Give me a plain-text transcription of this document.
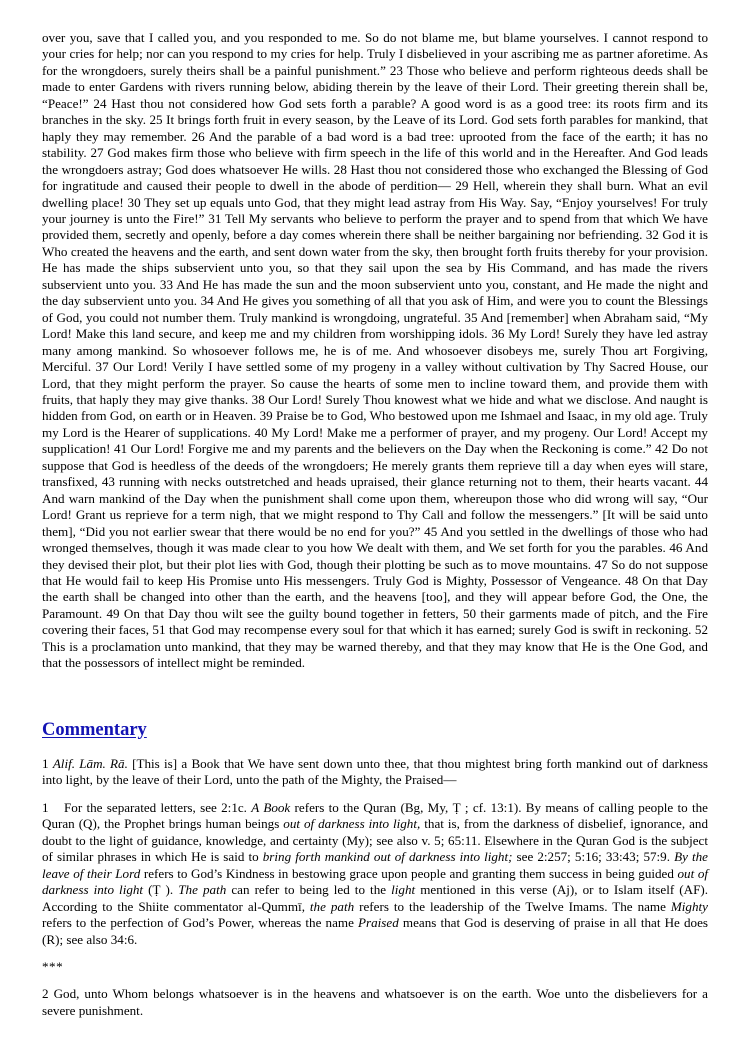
over you, save that I called you, and you responded to me. So do not blame me, but blame yourselves. I cannot respond to your cries for help; nor can you respond to my cries for help. Truly I disbelieved in your ascribing me as partner aforetime. As for the wrongdoers, surely theirs shall be a painful punishment.” 23 Those who believe and perform righteous deeds shall be made to enter Gardens with rivers running below, abiding therein by the leave of their Lord. Their greeting therein shall be, “Peace!” 24 Hast thou not considered how God sets forth a parable? A good word is as a good tree: its roots firm and its branches in the sky. 25 It brings forth fruit in every season, by the Leave of its Lord. God sets forth parables for mankind, that haply they may remember. 26 And the parable of a bad word is a bad tree: uprooted from the face of the earth; it has no stability. 27 God makes firm those who believe with firm speech in the life of this world and in the Hereafter. And God leads the wrongdoers astray; God does whatsoever He wills. 28 Hast thou not considered those who exchanged the Blessing of God for ingratitude and caused their people to dwell in the abode of perdition— 29 Hell, wherein they shall burn. What an evil dwelling place! 30 They set up equals unto God, that they might lead astray from His Way. Say, “Enjoy yourselves! For truly your journey is unto the Fire!” 31 Tell My servants who believe to perform the prayer and to spend from that which We have provided them, secretly and openly, before a day comes wherein there shall be neither bargaining nor befriending. 32 God it is Who created the heavens and the earth, and sent down water from the sky, then brought forth fruits thereby for your provision. He has made the ships subservient unto you, so that they sail upon the sea by His Command, and has made the rivers subservient unto you. 33 And He has made the sun and the moon subservient unto you, constant, and He made the night and the day subservient unto you. 34 And He gives you something of all that you ask of Him, and were you to count the Blessings of God, you could not number them. Truly mankind is wrongdoing, ungrateful. 35 And [remember] when Abraham said, “My Lord! Make this land secure, and keep me and my children from worshipping idols. 36 My Lord! Surely they have led astray many among mankind. So whosoever follows me, he is of me. And whosoever disobeys me, surely Thou art Forgiving, Merciful. 37 Our Lord! Verily I have settled some of my progeny in a valley without cultivation by Thy Sacred House, our Lord, that they might perform the prayer. So cause the hearts of some men to incline toward them, and provide them with fruits, that haply they may give thanks. 38 Our Lord! Surely Thou knowest what we hide and what we disclose. And naught is hidden from God, on earth or in Heaven. 39 Praise be to God, Who bestowed upon me Ishmael and Isaac, in my old age. Truly my Lord is the Hearer of supplications. 40 My Lord! Make me a performer of prayer, and my progeny. Our Lord! Accept my supplication! 41 Our Lord! Forgive me and my parents and the believers on the Day when the Reckoning is come.” 42 Do not suppose that God is heedless of the deeds of the wrongdoers; He merely grants them reprieve till a day when eyes will stare, transfixed, 43 running with necks outstretched and heads upraised, their glance returning not to them, their hearts vacant. 44 And warn mankind of the Day when the punishment shall come upon them, whereupon those who did wrong will say, “Our Lord! Grant us reprieve for a term nigh, that we might respond to Thy Call and follow the messengers.” [It will be said unto them], “Did you not earlier swear that there would be no end for you?” 45 And you settled in the dwellings of those who had wronged themselves, though it was made clear to you how We dealt with them, and We set forth for you the parables. 46 And they devised their plot, but their plot lies with God, though their plotting be such as to move mountains. 47 So do not suppose that He would fail to keep His Promise unto His messengers. Truly God is Mighty, Possessor of Vengeance. 48 On that Day the earth shall be changed into other than the earth, and the heavens [too], and they will appear before God, the One, the Paramount. 49 On that Day thou wilt see the guilty bound together in fetters, 50 their garments made of pitch, and the Fire covering their faces, 51 that God may recompense every soul for that which it has earned; surely God is swift in reckoning. 52 This is a proclamation unto mankind, that they may be warned thereby, and that they may know that He is the One God, and that the possessors of intellect might be reminded.

Commentary

1 Alif. Lām. Rā. [This is] a Book that We have sent down unto thee, that thou mightest bring forth mankind out of darkness into light, by the leave of their Lord, unto the path of the Mighty, the Praised—

1 For the separated letters, see 2:1c. A Book refers to the Quran (Bg, My, Ṭ ; cf. 13:1). By means of calling people to the Quran (Q), the Prophet brings human beings out of darkness into light, that is, from the darkness of disbelief, ignorance, and doubt to the light of guidance, knowledge, and certainty (My); see also v. 5; 65:11. Elsewhere in the Quran God is the subject of similar phrases in which He is said to bring forth mankind out of darkness into light; see 2:257; 5:16; 33:43; 57:9. By the leave of their Lord refers to God’s Kindness in bestowing grace upon people and granting them success in being guided out of darkness into light (Ṭ ). The path can refer to being led to the light mentioned in this verse (Aj), or to Islam itself (AF). According to the Shiite commentator al-Qummī, the path refers to the leadership of the Twelve Imams. The name Mighty refers to the perfection of God’s Power, whereas the name Praised means that God is deserving of praise in all that He does (R); see also 34:6.

***

2 God, unto Whom belongs whatsoever is in the heavens and whatsoever is on the earth. Woe unto the disbelievers for a severe punishment.
